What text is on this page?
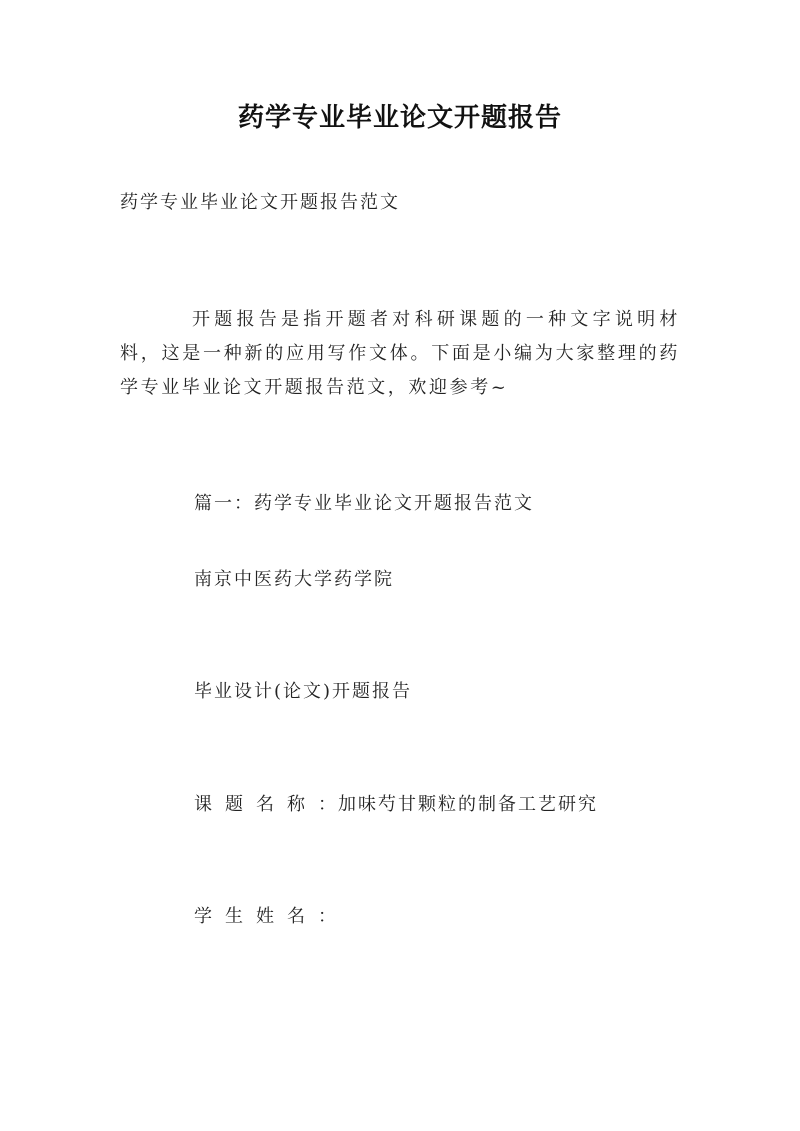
药学专业毕业论文开题报告
药学专业毕业论文开题报告范文
开题报告是指开题者对科研课题的一种文字说明材料，这是一种新的应用写作文体。下面是小编为大家整理的药学专业毕业论文开题报告范文，欢迎参考~
篇一：药学专业毕业论文开题报告范文
南京中医药大学药学院
毕业设计(论文)开题报告
课题名称：加味芍甘颗粒的制备工艺研究
学生姓名：
